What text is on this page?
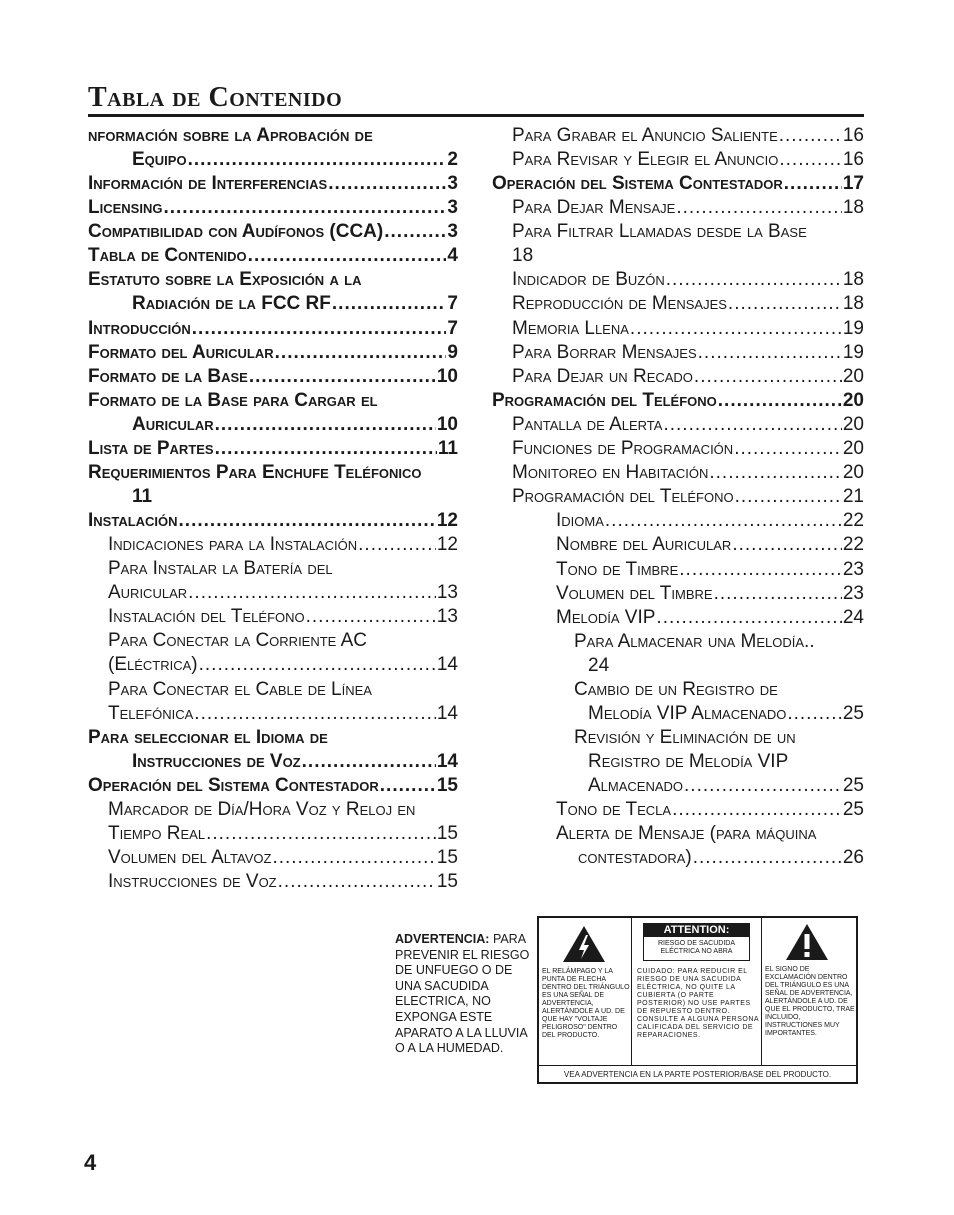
Tabla de Contenido
nformación sobre la Aprobación de
Equipo .....	2
Información de Interferencias .....	3
Licensing .....	3
Compatibilidad con Audífonos (CCA) .....	3
Tabla de Contenido .....	4
Estatuto sobre la Exposición a la
Radiación de la FCC RF .....	7
Introducción .....	7
Formato del Auricular .....	9
Formato de la Base .....	10
Formato de la Base para Cargar el
Auricular .....	10
Lista de Partes .....	11
Requerimientos Para Enchufe Teléfonico
11
Instalación .....	12
Indicaciones para la Instalación .....	12
Para Instalar la Batería del
Auricular .....	13
Instalación del Teléfono .....	13
Para Conectar la Corriente AC
(Eléctrica) .....	14
Para Conectar el Cable de Línea
Telefónica .....	14
Para seleccionar el Idioma de
Instrucciones de Voz .....	14
Operación del Sistema Contestador .....	15
Marcador de Día/Hora Voz y Reloj en
Tiempo Real .....	15
Volumen del Altavoz .....	15
Instrucciones de Voz .....	15
Para Grabar el Anuncio Saliente .....	16
Para Revisar y Elegir el Anuncio .....	16
Operación del Sistema Contestador .....	17
Para Dejar Mensaje .....	18
Para Filtrar Llamadas desde la Base
18
Indicador de Buzón .....	18
Reproducción de Mensajes .....	18
Memoria Llena .....	19
Para Borrar Mensajes .....	19
Para Dejar un Recado .....	20
Programación del Teléfono .....	20
Pantalla de Alerta .....	20
Funciones de Programación .....	20
Monitoreo en Habitación .....	20
Programación del Teléfono .....	21
Idioma .....	22
Nombre del Auricular .....	22
Tono de Timbre .....	23
Volumen del Timbre .....	23
Melodía VIP .....	24
Para Almacenar una Melodía..
24
Cambio de un Registro de
Melodía VIP Almacenado .....	25
Revisión y Eliminación de un
Registro de Melodía VIP
Almacenado .....	25
Tono de Tecla .....	25
Alerta de Mensaje (para máquina
contestadora) .....	26
ADVERTENCIA: PARA PREVENIR EL RIESGO DE UNFUEGO O DE UNA SACUDIDA ELECTRICA, NO EXPONGA ESTE APARATO A LA LLUVIA O A LA HUMEDAD.
EL RELÁMPAGO Y LA PUNTA DE FLECHA DENTRO DEL TRIÁNGULO ES UNA SEÑAL DE ADVERTENCIA, ALERTÁNDOLE A UD. DE QUE HAY "VOLTAJE PELIGROSO" DENTRO DEL PRODUCTO.
ATTENTION:
RIESGO DE SACUDIDA ELÉCTRICA NO ABRA
CUIDADO: PARA REDUCIR EL RIESGO DE UNA SACUDIDA ELÉCTRICA, NO QUITE LA CUBIERTA (O PARTE POSTERIOR) NO USE PARTES DE REPUESTO DENTRO. CONSULTE A ALGUNA PERSONA CALIFICADA DEL SERVICIO DE REPARACIONES.
EL SIGNO DE EXCLAMACIÓN DENTRO DEL TRIÁNGULO ES UNA SEÑAL DE ADVERTENCIA, ALERTÁNDOLE A UD. DE QUE EL PRODUCTO, TRAE INCLUIDO, INSTRUCTIONES MUY IMPORTANTES.
VEA ADVERTENCIA EN LA PARTE POSTERIOR/BASE DEL PRODUCTO.
4
